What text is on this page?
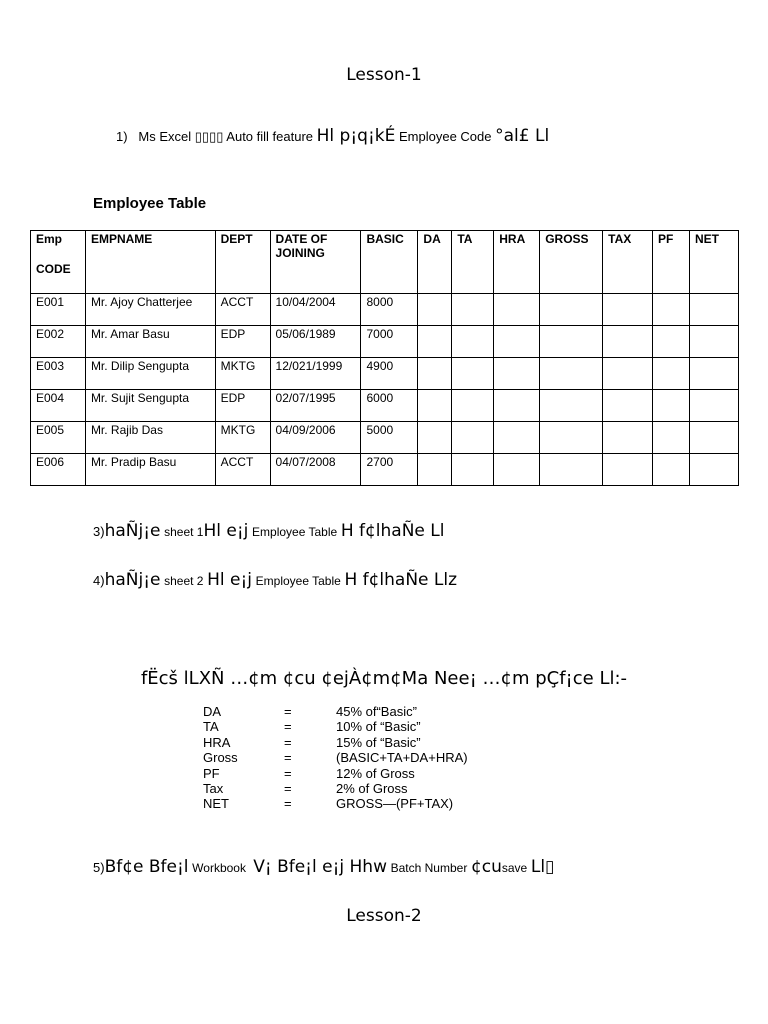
Lesson-1
1) Ms Excel ▯▯▯▯ Auto fill feature Hl p¡q¡kÉ Employee Code °al£ Ll
Employee Table
Emp
CODE	EMPNAME	DEPT	DATE OF JOINING	BASIC	DA	TA	HRA	GROSS	TAX	PF	NET
E001	Mr. Ajoy Chatterjee	ACCT	10/04/2004	8000							
E002	Mr. Amar Basu	EDP	05/06/1989	7000							
E003	Mr. Dilip Sengupta	MKTG	12/021/1999	4900							
E004	Mr. Sujit Sengupta	EDP	02/07/1995	6000							
E005	Mr. Rajib Das	MKTG	04/09/2006	5000							
E006	Mr. Pradip Basu	ACCT	04/07/2008	2700							
3)haÑj¡e sheet 1Hl e¡j Employee Table H f¢lhaÑe Ll
4)haÑj¡e sheet 2 Hl e¡j Employee Table H f¢lhaÑe Llz
fËcš lLXÑ …¢m ¢cu ¢ejÀ¢m¢Ma Nee¡ …¢m pÇf¡ce Ll:-
DA	=	45% of“Basic”
TA	=	10% of “Basic”
HRA	=	15% of “Basic”
Gross	=	(BASIC+TA+DA+HRA)
PF	=	12% of Gross
Tax	=	2% of Gross
NET	=	GROSS—(PF+TAX)
5)Bf¢e Bfe¡l Workbook V¡ Bfe¡l e¡j Hhw Batch Number ¢cusave Ll▯
Lesson-2
